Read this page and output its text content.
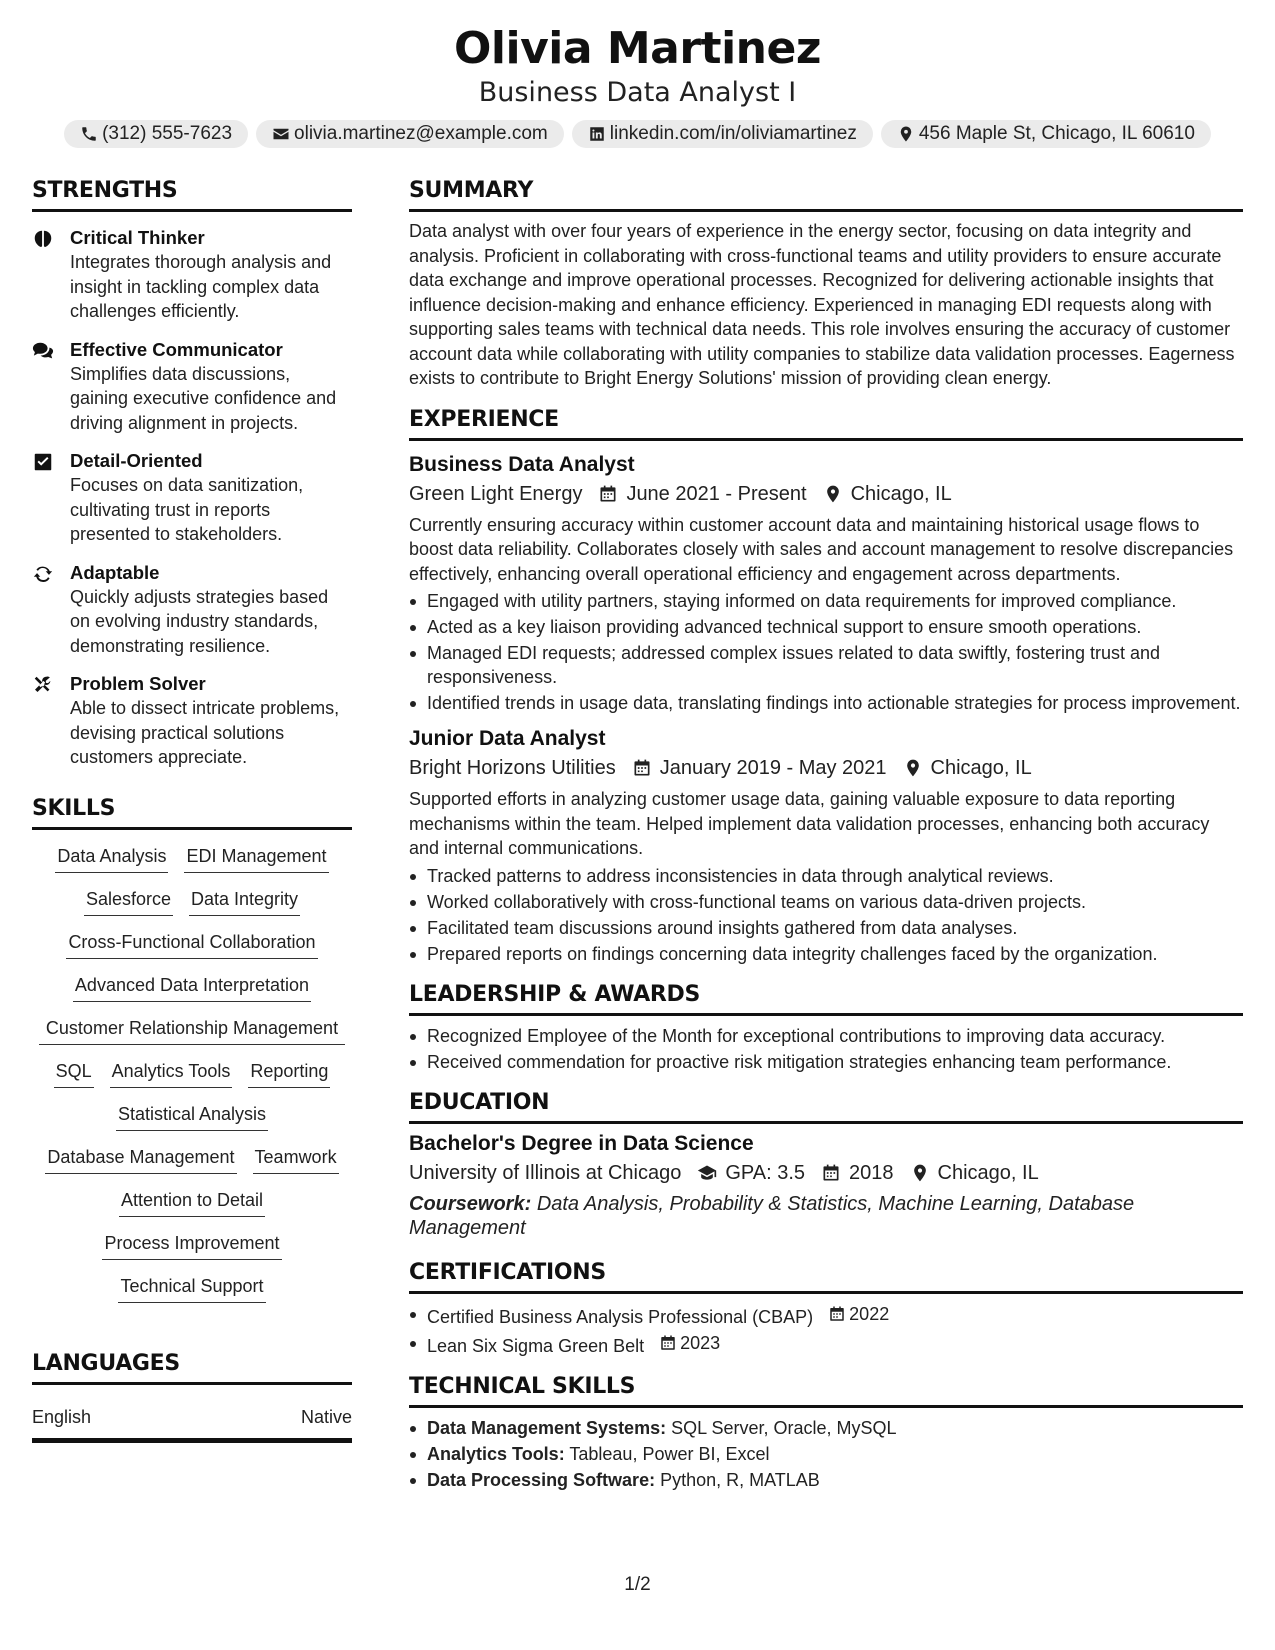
Olivia Martinez
Business Data Analyst I
(312) 555-7623	olivia.martinez@example.com	linkedin.com/in/oliviamartinez	456 Maple St, Chicago, IL 60610
STRENGTHS
Critical Thinker
Integrates thorough analysis and insight in tackling complex data challenges efficiently.
Effective Communicator
Simplifies data discussions, gaining executive confidence and driving alignment in projects.
Detail-Oriented
Focuses on data sanitization, cultivating trust in reports presented to stakeholders.
Adaptable
Quickly adjusts strategies based on evolving industry standards, demonstrating resilience.
Problem Solver
Able to dissect intricate problems, devising practical solutions customers appreciate.
SKILLS
Data Analysis EDI Management
Salesforce Data Integrity
Cross-Functional Collaboration
Advanced Data Interpretation
Customer Relationship Management
SQL Analytics Tools Reporting
Statistical Analysis
Database Management Teamwork
Attention to Detail
Process Improvement
Technical Support
LANGUAGES
English	Native
SUMMARY
Data analyst with over four years of experience in the energy sector, focusing on data integrity and analysis. Proficient in collaborating with cross-functional teams and utility providers to ensure accurate data exchange and improve operational processes. Recognized for delivering actionable insights that influence decision-making and enhance efficiency. Experienced in managing EDI requests along with supporting sales teams with technical data needs. This role involves ensuring the accuracy of customer account data while collaborating with utility companies to stabilize data validation processes. Eagerness exists to contribute to Bright Energy Solutions' mission of providing clean energy.
EXPERIENCE
Business Data Analyst
Green Light Energy June 2021 - Present Chicago, IL
Currently ensuring accuracy within customer account data and maintaining historical usage flows to boost data reliability. Collaborates closely with sales and account management to resolve discrepancies effectively, enhancing overall operational efficiency and engagement across departments.
Engaged with utility partners, staying informed on data requirements for improved compliance.
Acted as a key liaison providing advanced technical support to ensure smooth operations.
Managed EDI requests; addressed complex issues related to data swiftly, fostering trust and responsiveness.
Identified trends in usage data, translating findings into actionable strategies for process improvement.
Junior Data Analyst
Bright Horizons Utilities January 2019 - May 2021 Chicago, IL
Supported efforts in analyzing customer usage data, gaining valuable exposure to data reporting mechanisms within the team. Helped implement data validation processes, enhancing both accuracy and internal communications.
Tracked patterns to address inconsistencies in data through analytical reviews.
Worked collaboratively with cross-functional teams on various data-driven projects.
Facilitated team discussions around insights gathered from data analyses.
Prepared reports on findings concerning data integrity challenges faced by the organization.
LEADERSHIP & AWARDS
Recognized Employee of the Month for exceptional contributions to improving data accuracy.
Received commendation for proactive risk mitigation strategies enhancing team performance.
EDUCATION
Bachelor's Degree in Data Science
University of Illinois at Chicago GPA: 3.5 2018 Chicago, IL
Coursework: Data Analysis, Probability & Statistics, Machine Learning, Database Management
CERTIFICATIONS
Certified Business Analysis Professional (CBAP) 2022
Lean Six Sigma Green Belt 2023
TECHNICAL SKILLS
Data Management Systems: SQL Server, Oracle, MySQL
Analytics Tools: Tableau, Power BI, Excel
Data Processing Software: Python, R, MATLAB
1/2
